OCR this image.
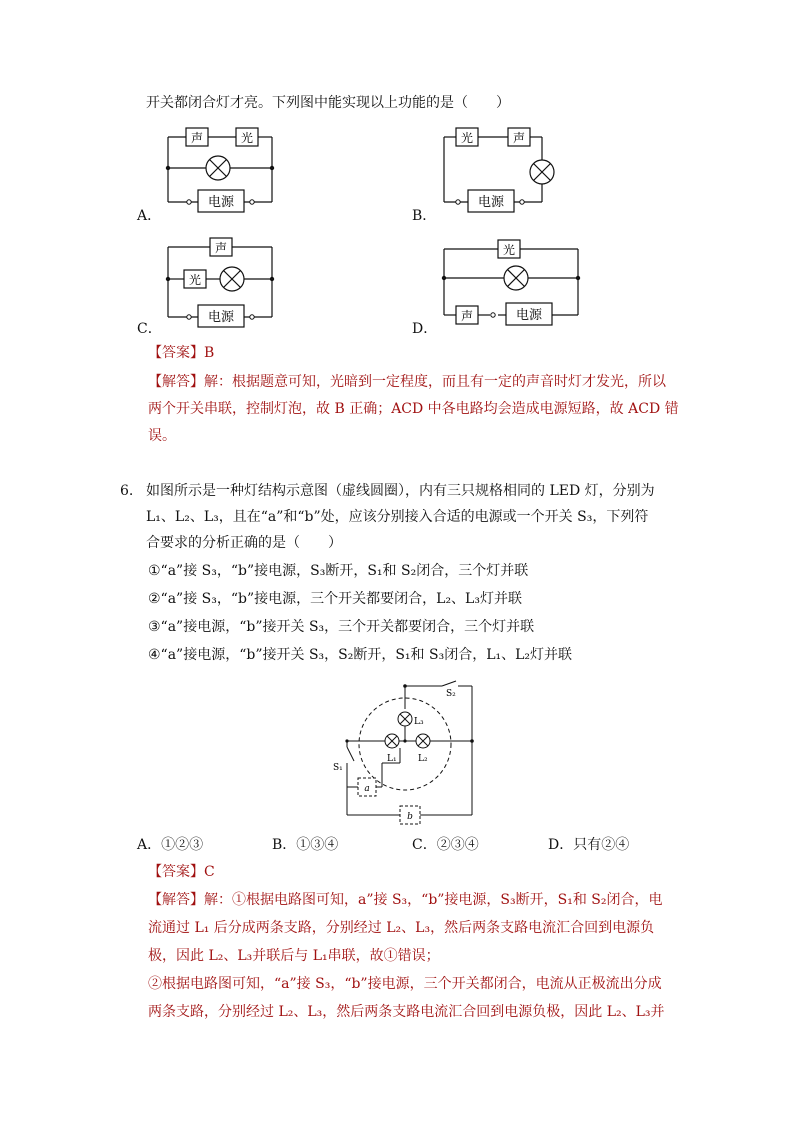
开关都闭合灯才亮。下列图中能实现以上功能的是（　　）
声	光
电源
A．
光	声
电源
B．
声
光
电源
C．
光
声	电源
D．
【答案】B
【解答】解：根据题意可知，光暗到一定程度，而且有一定的声音时灯才发光，所以
两个开关串联，控制灯泡，故 B 正确；ACD 中各电路均会造成电源短路，故 ACD 错
误。
6. 如图所示是一种灯结构示意图（虚线圆圈），内有三只规格相同的 LED 灯，分别为
L₁、L₂、L₃，且在“a”和“b”处，应该分别接入合适的电源或一个开关 S₃，下列符
合要求的分析正确的是（　　）
①“a”接 S₃，“b”接电源，S₃断开，S₁和 S₂闭合，三个灯并联
②“a”接 S₃，“b”接电源，三个开关都要闭合，L₂、L₃灯并联
③“a”接电源，“b”接开关 S₃，三个开关都要闭合，三个灯并联
④“a”接电源，“b”接开关 S₃，S₂断开，S₁和 S₃闭合，L₁、L₂灯并联
S₂
S₁
L₃
L₁ L₂
a
b
A．①②③	B．①③④	C．②③④	D．只有②④
【答案】C
【解答】解：①根据电路图可知，a”接 S₃，“b”接电源，S₃断开，S₁和 S₂闭合，电
流通过 L₁ 后分成两条支路，分别经过 L₂、L₃，然后两条支路电流汇合回到电源负
极，因此 L₂、L₃并联后与 L₁串联，故①错误；
②根据电路图可知，“a”接 S₃，“b”接电源，三个开关都闭合，电流从正极流出分成
两条支路，分别经过 L₂、L₃，然后两条支路电流汇合回到电源负极，因此 L₂、L₃并
